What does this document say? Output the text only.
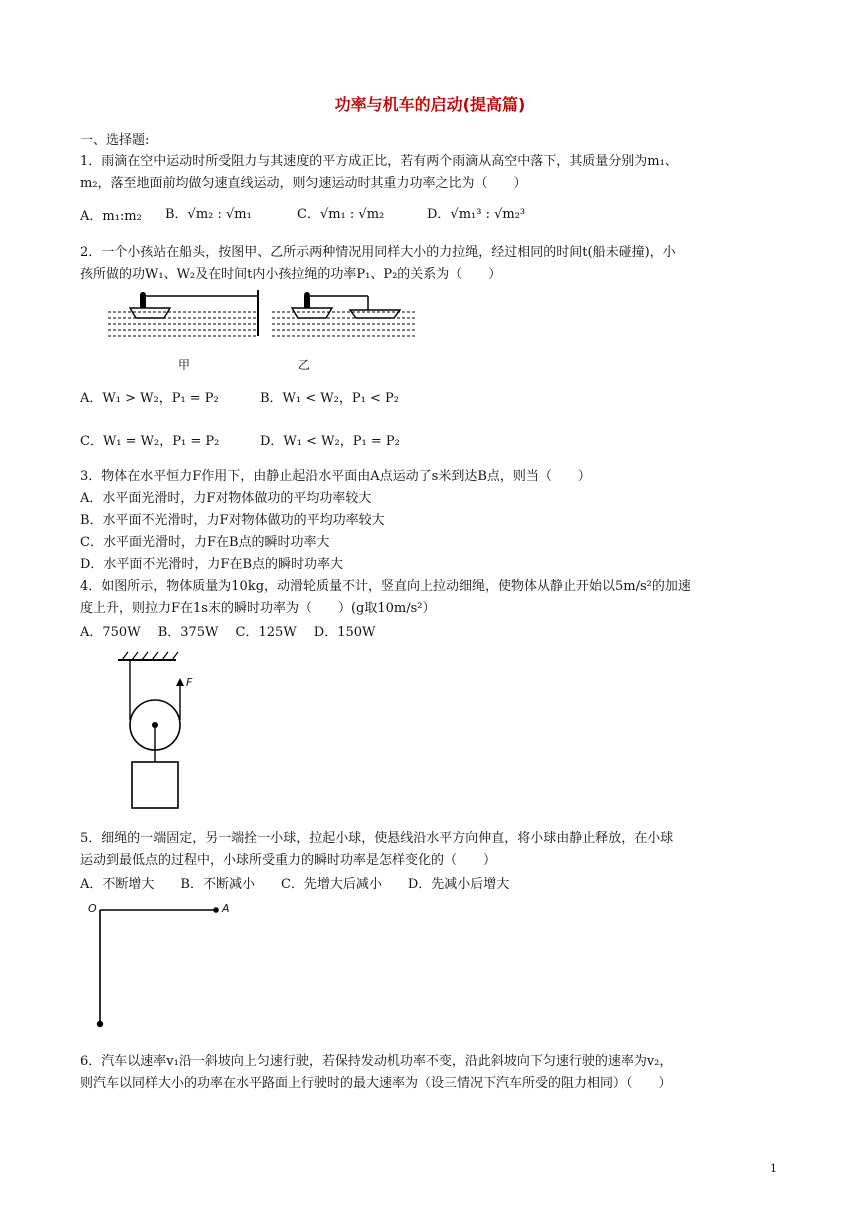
功率与机车的启动(提高篇)
一、选择题:
1．雨滴在空中运动时所受阻力与其速度的平方成正比，若有两个雨滴从高空中落下，其质量分别为m₁、
m₂，落至地面前均做匀速直线运动，则匀速运动时其重力功率之比为（　　）
A．m₁:m₂	B．√m₂ : √m₁	C．√m₁ : √m₂	D．√m₁³ : √m₂³
2．一个小孩站在船头，按图甲、乙所示两种情况用同样大小的力拉绳，经过相同的时间t(船未碰撞)，小
孩所做的功W₁、W₂及在时间t内小孩拉绳的功率P₁、P₂的关系为（　　）
甲	乙
A．W₁ > W₂，P₁ = P₂	B．W₁ < W₂，P₁ < P₂
C．W₁ = W₂，P₁ = P₂	D．W₁ < W₂，P₁ = P₂
3．物体在水平恒力F作用下，由静止起沿水平面由A点运动了s米到达B点，则当（　　）
A．水平面光滑时，力F对物体做功的平均功率较大
B．水平面不光滑时，力F对物体做功的平均功率较大
C．水平面光滑时，力F在B点的瞬时功率大
D．水平面不光滑时，力F在B点的瞬时功率大
4．如图所示，物体质量为10kg，动滑轮质量不计，竖直向上拉动细绳，使物体从静止开始以5m/s²的加速
度上升，则拉力F在1s末的瞬时功率为（　　）(g取10m/s²）
A．750W　 B．375W　 C．125W　 D．150W
F
5．细绳的一端固定，另一端拴一小球，拉起小球，使悬线沿水平方向伸直，将小球由静止释放，在小球
运动到最低点的过程中，小球所受重力的瞬时功率是怎样变化的（　　）
A．不断增大　　B．不断减小　　C．先增大后减小　　D．先减小后增大
O	A
6．汽车以速率v₁沿一斜坡向上匀速行驶，若保持发动机功率不变，沿此斜坡向下匀速行驶的速率为v₂，
则汽车以同样大小的功率在水平路面上行驶时的最大速率为（设三情况下汽车所受的阻力相同）（　　）
1
